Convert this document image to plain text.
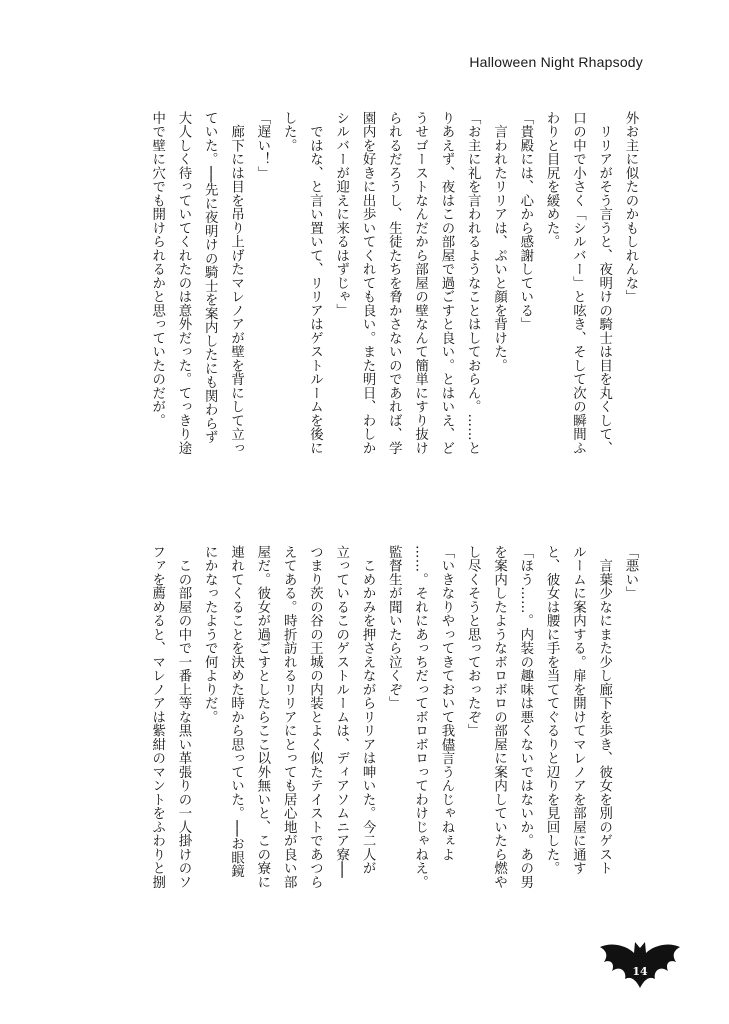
Halloween Night Rhapsody

外お主に似たのかもしれんな」

　リリアがそう言うと、夜明けの騎士は目を丸くして、

口の中で小さく「シルバー」と呟き、そして次の瞬間ふ

わりと目尻を緩めた。

「貴殿には、心から感謝している」

　言われたリリアは、ぷいと顔を背けた。

「お主に礼を言われるようなことはしておらん。……と

りあえず、夜はこの部屋で過ごすと良い。とはいえ、ど

うせゴーストなんだから部屋の壁なんて簡単にすり抜け

られるだろうし、生徒たちを脅かさないのであれば、学

園内を好きに出歩いてくれても良い。また明日、わしか

シルバーが迎えに来るはずじゃ」

　ではな、と言い置いて、リリアはゲストルームを後に

した。

「遅い！」

　廊下には目を吊り上げたマレノアが壁を背にして立っ

ていた。──先に夜明けの騎士を案内したにも関わらず

大人しく待っていてくれたのは意外だった。てっきり途

中で壁に穴でも開けられるかと思っていたのだが。

「悪い」

　言葉少なにまた少し廊下を歩き、彼女を別のゲスト

ルームに案内する。扉を開けてマレノアを部屋に通す

と、彼女は腰に手を当ててぐるりと辺りを見回した。

「ほう……。内装の趣味は悪くないではないか。あの男

を案内したようなボロボロの部屋に案内していたら燃や

し尽くそうと思っておったぞ」

「いきなりやってきておいて我儘言うんじゃねぇよ

……。それにあっちだってボロボロってわけじゃねえ。

監督生が聞いたら泣くぞ」

　こめかみを押さえながらリリアは呻いた。今二人が

立っているこのゲストルームは、ディアソムニア寮──

つまり茨の谷の王城の内装とよく似たテイストであつら

えてある。時折訪れるリリアにとっても居心地が良い部

屋だ。彼女が過ごすとしたらここ以外無いと、この寮に

連れてくることを決めた時から思っていた。──お眼鏡

にかなったようで何よりだ。

　この部屋の中で一番上等な黒い革張りの一人掛けのソ

ファを薦めると、マレノアは紫紺のマントをふわりと捌

14
